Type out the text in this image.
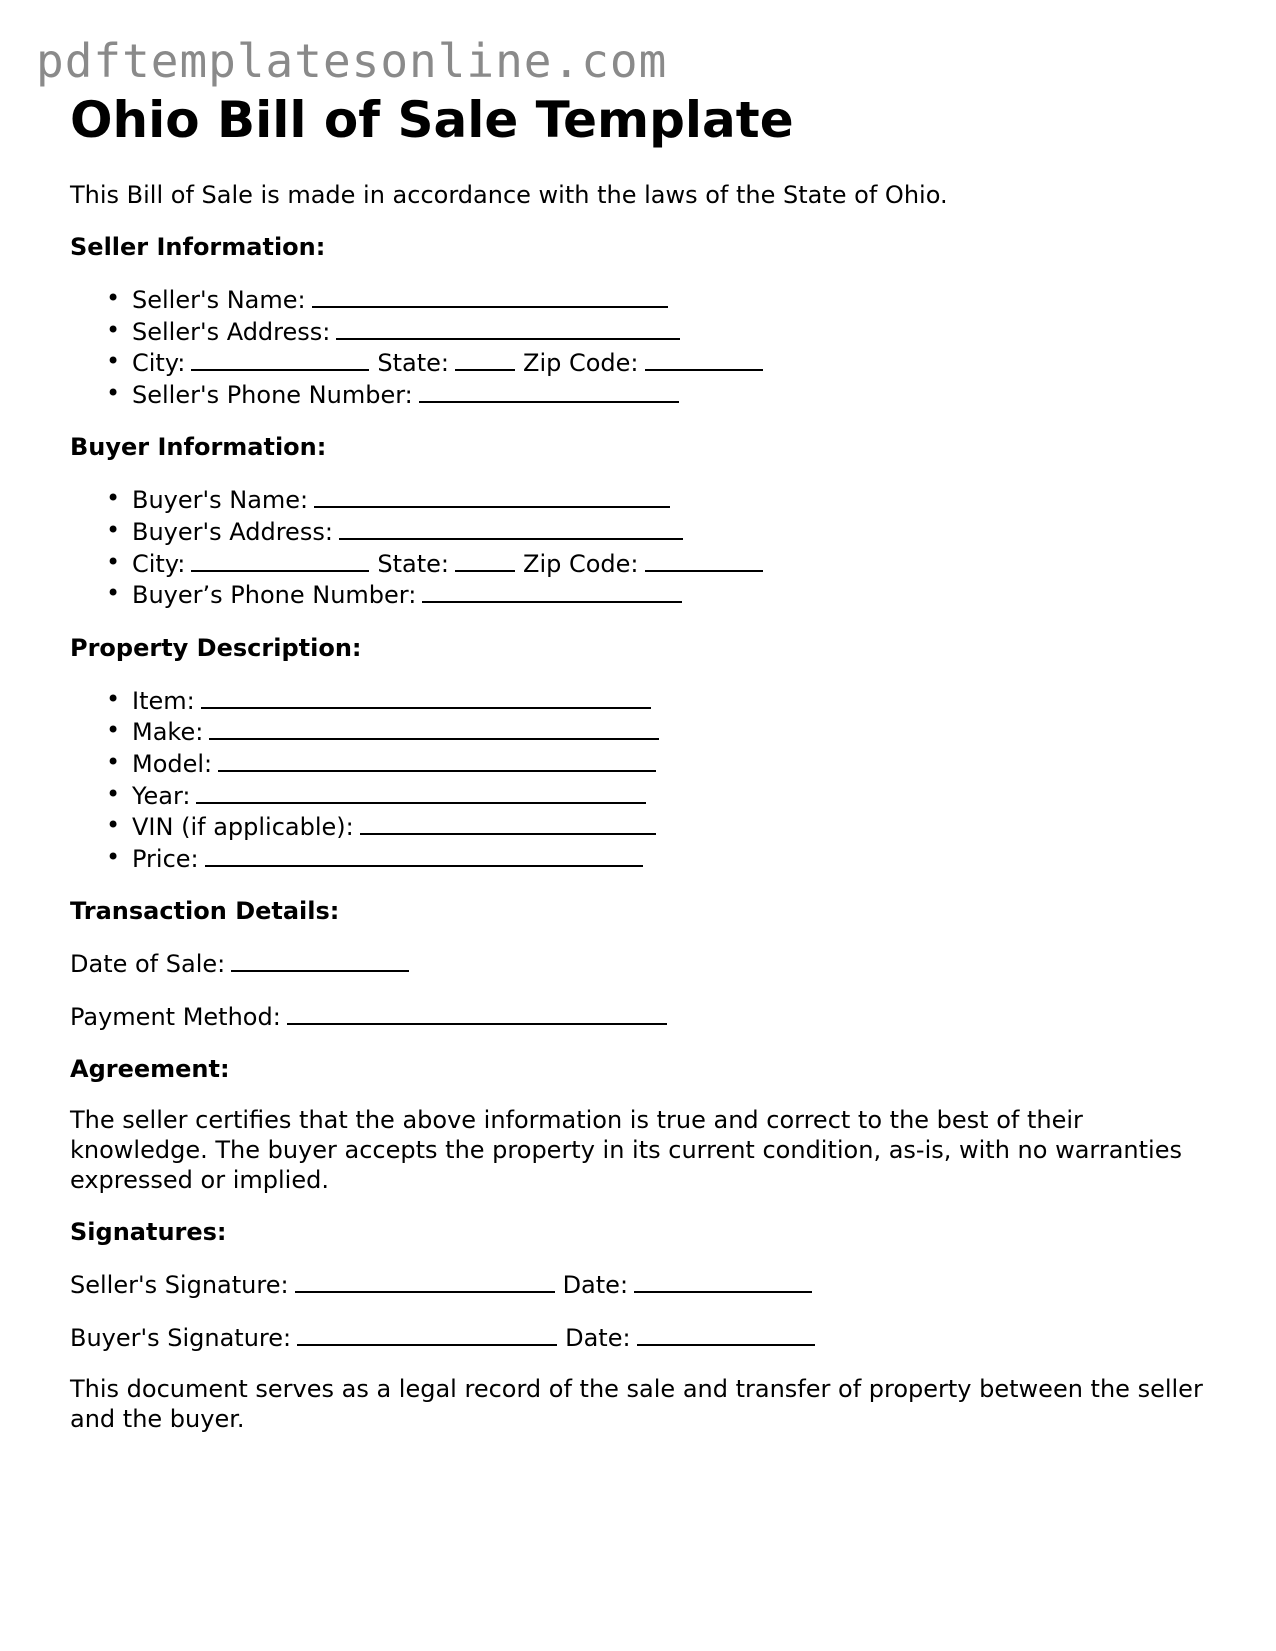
pdftemplatesonline.com
Ohio Bill of Sale Template

This Bill of Sale is made in accordance with the laws of the State of Ohio.

Seller Information:
• Seller's Name:
• Seller's Address:
• City:	State:	Zip Code:
• Seller's Phone Number:
Buyer Information:
• Buyer's Name:
• Buyer's Address:
• City:	State:	Zip Code:
• Buyer’s Phone Number:
Property Description:
• Item:
• Make:
• Model:
• Year:
• VIN (if applicable):
• Price:
Transaction Details:

Date of Sale:

Payment Method:

Agreement:

The seller certifies that the above information is true and correct to the best of their knowledge. The buyer accepts the property in its current condition, as-is, with no warranties expressed or implied.

Signatures:

Seller's Signature:	Date:

Buyer's Signature:	Date:

This document serves as a legal record of the sale and transfer of property between the seller and the buyer.
